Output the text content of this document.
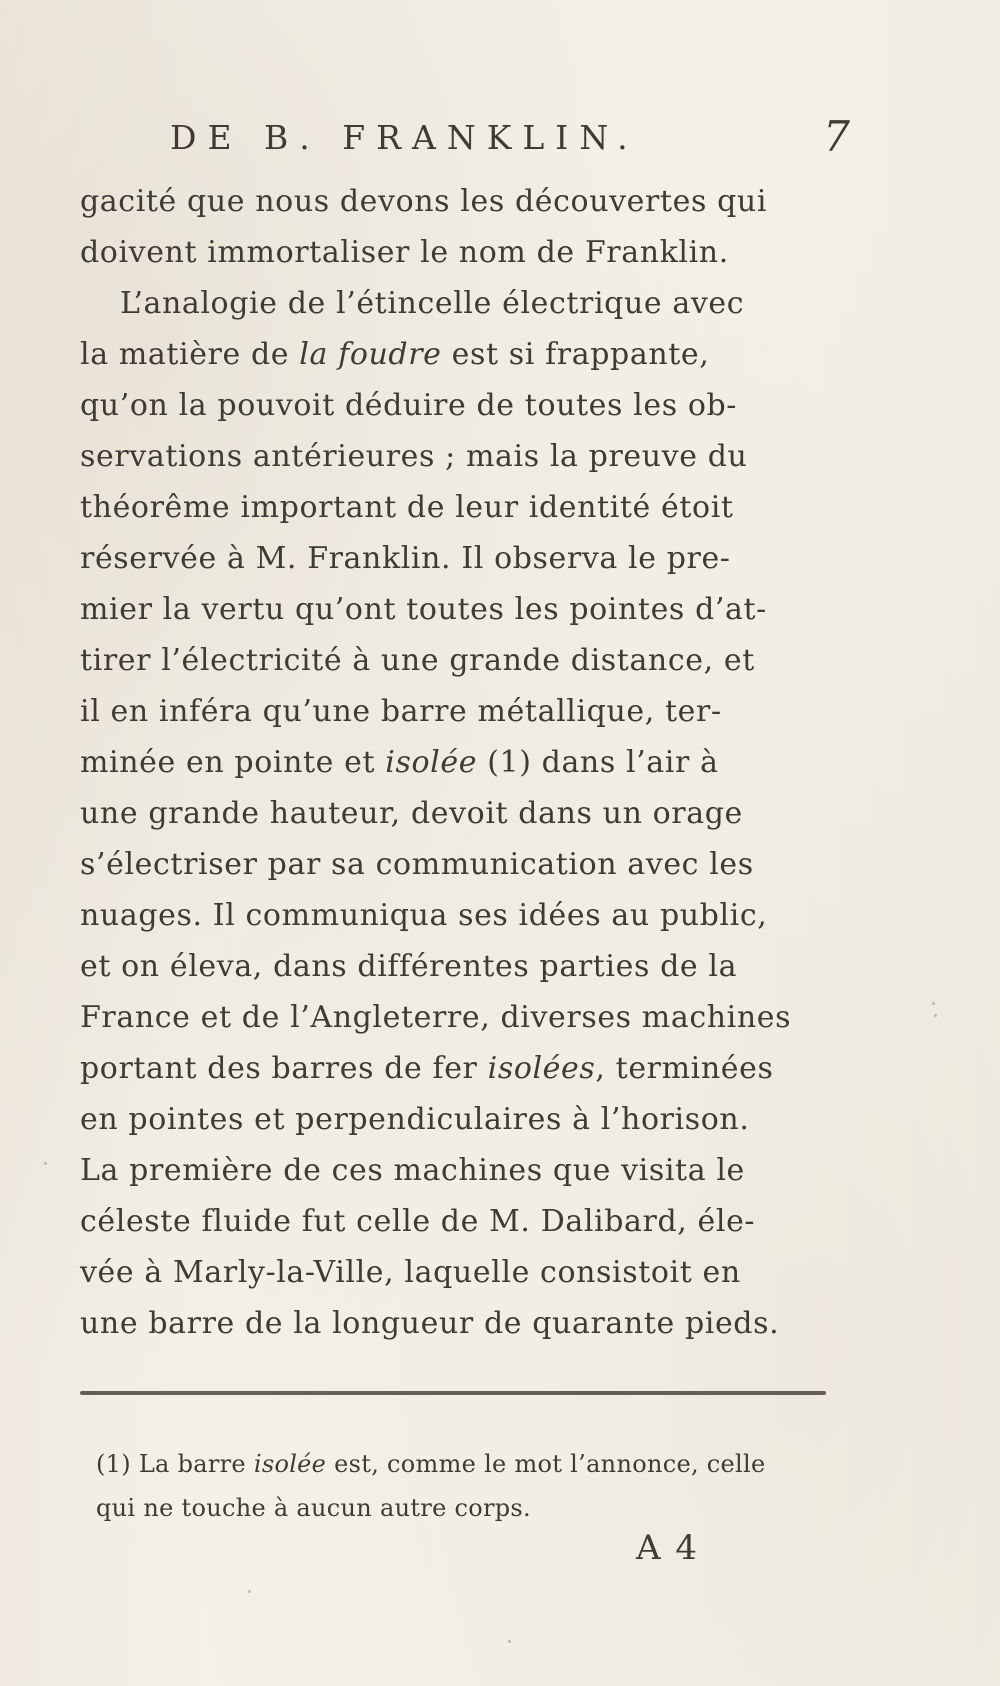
DE B. FRANKLIN.	7
gacité que nous devons les découvertes qui
doivent immortaliser le nom de Franklin.
L’analogie de l’étincelle électrique avec
la matière de la foudre est si frappante,
qu’on la pouvoit déduire de toutes les ob-
servations antérieures ; mais la preuve du
théorême important de leur identité étoit
réservée à M. Franklin. Il observa le pre-
mier la vertu qu’ont toutes les pointes d’at-
tirer l’électricité à une grande distance, et
il en inféra qu’une barre métallique, ter-
minée en pointe et isolée (1) dans l’air à
une grande hauteur, devoit dans un orage
s’électriser par sa communication avec les
nuages. Il communiqua ses idées au public,
et on éleva, dans différentes parties de la
France et de l’Angleterre, diverses machines
portant des barres de fer isolées, terminées
en pointes et perpendiculaires à l’horison.
La première de ces machines que visita le
céleste fluide fut celle de M. Dalibard, éle-
vée à Marly-la-Ville, laquelle consistoit en
une barre de la longueur de quarante pieds.
(1) La barre isolée est, comme le mot l’annonce, celle
qui ne touche à aucun autre corps.
A 4
